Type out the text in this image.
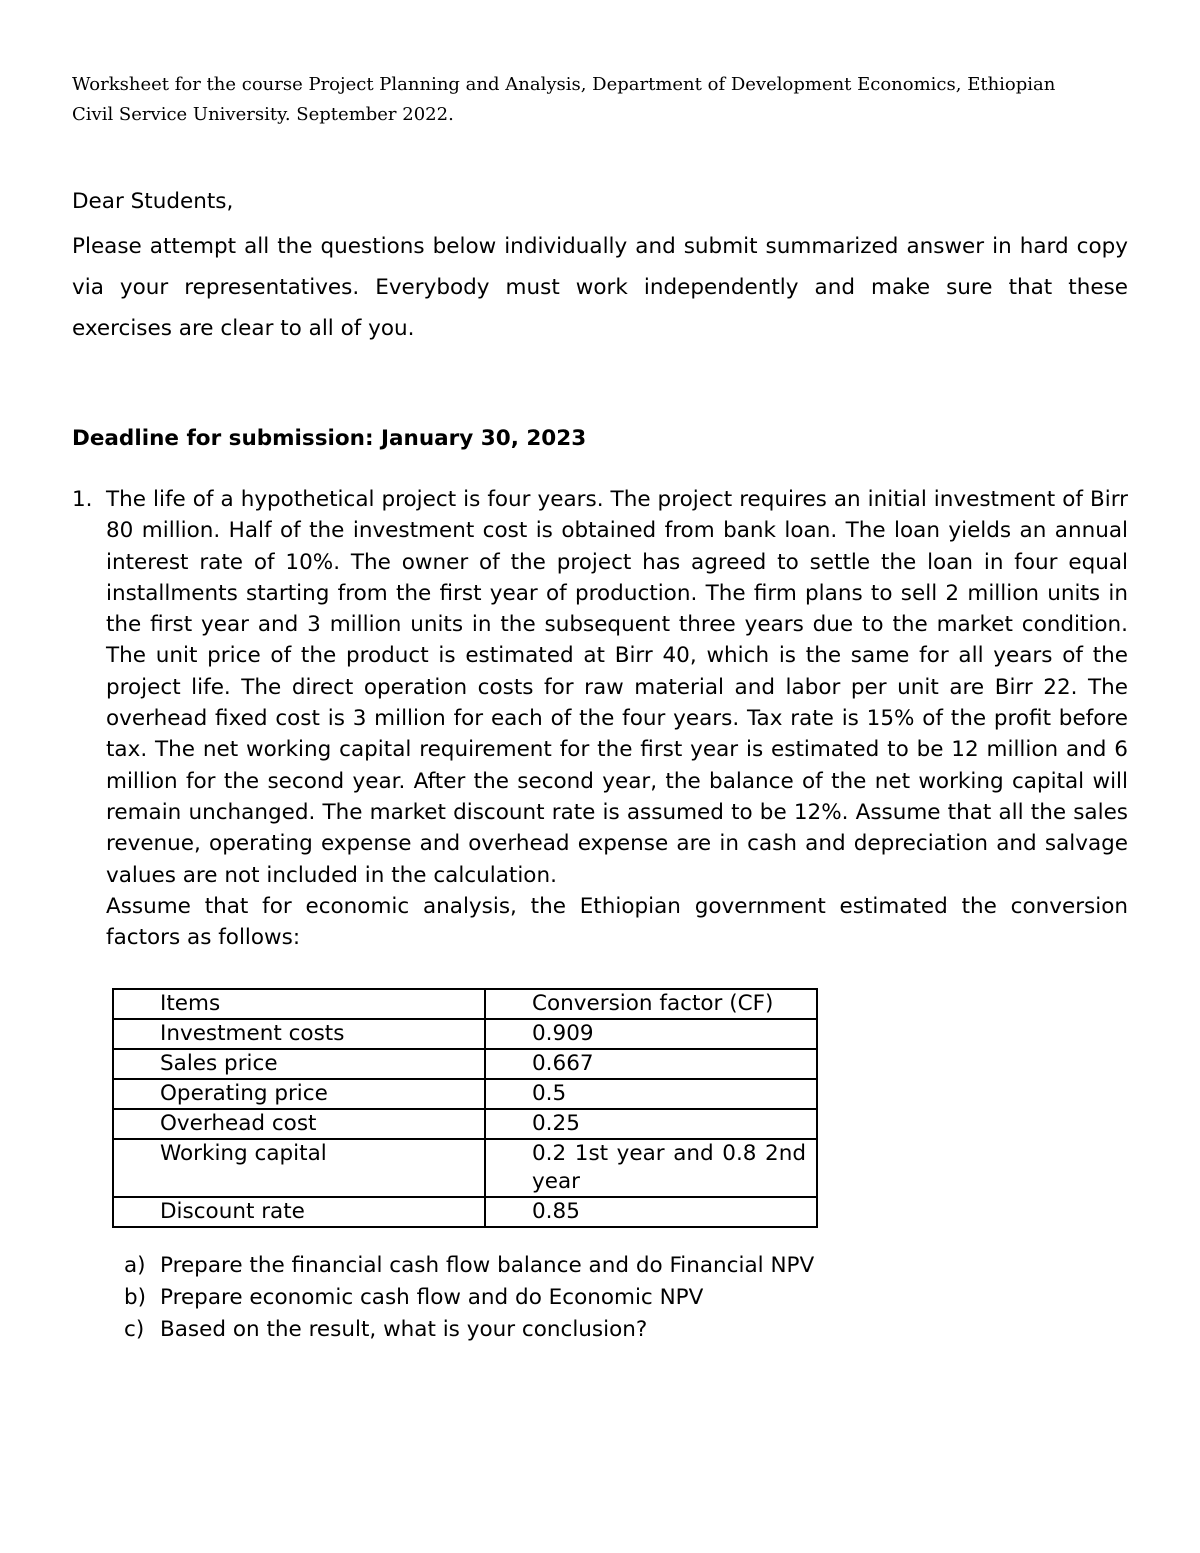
Worksheet for the course Project Planning and Analysis, Department of Development Economics, Ethiopian
Civil Service University. September 2022.
Dear Students,
Please attempt all the questions below individually and submit summarized answer in hard copy via your representatives. Everybody must work independently and make sure that these exercises are clear to all of you.
Deadline for submission: January 30, 2023
1. The life of a hypothetical project is four years. The project requires an initial investment of Birr 80 million. Half of the investment cost is obtained from bank loan. The loan yields an annual interest rate of 10%. The owner of the project has agreed to settle the loan in four equal installments starting from the first year of production. The firm plans to sell 2 million units in the first year and 3 million units in the subsequent three years due to the market condition. The unit price of the product is estimated at Birr 40, which is the same for all years of the project life. The direct operation costs for raw material and labor per unit are Birr 22. The overhead fixed cost is 3 million for each of the four years. Tax rate is 15% of the profit before tax. The net working capital requirement for the first year is estimated to be 12 million and 6 million for the second year. After the second year, the balance of the net working capital will remain unchanged. The market discount rate is assumed to be 12%. Assume that all the sales revenue, operating expense and overhead expense are in cash and depreciation and salvage values are not included in the calculation.

Assume that for economic analysis, the Ethiopian government estimated the conversion factors as follows:

Items	Conversion factor (CF)
Investment costs	0.909
Sales price	0.667
Operating price	0.5
Overhead cost	0.25
Working capital	0.2 1st year and 0.8 2nd year
Discount rate	0.85
a) Prepare the financial cash flow balance and do Financial NPV
b) Prepare economic cash flow and do Economic NPV
c) Based on the result, what is your conclusion?
